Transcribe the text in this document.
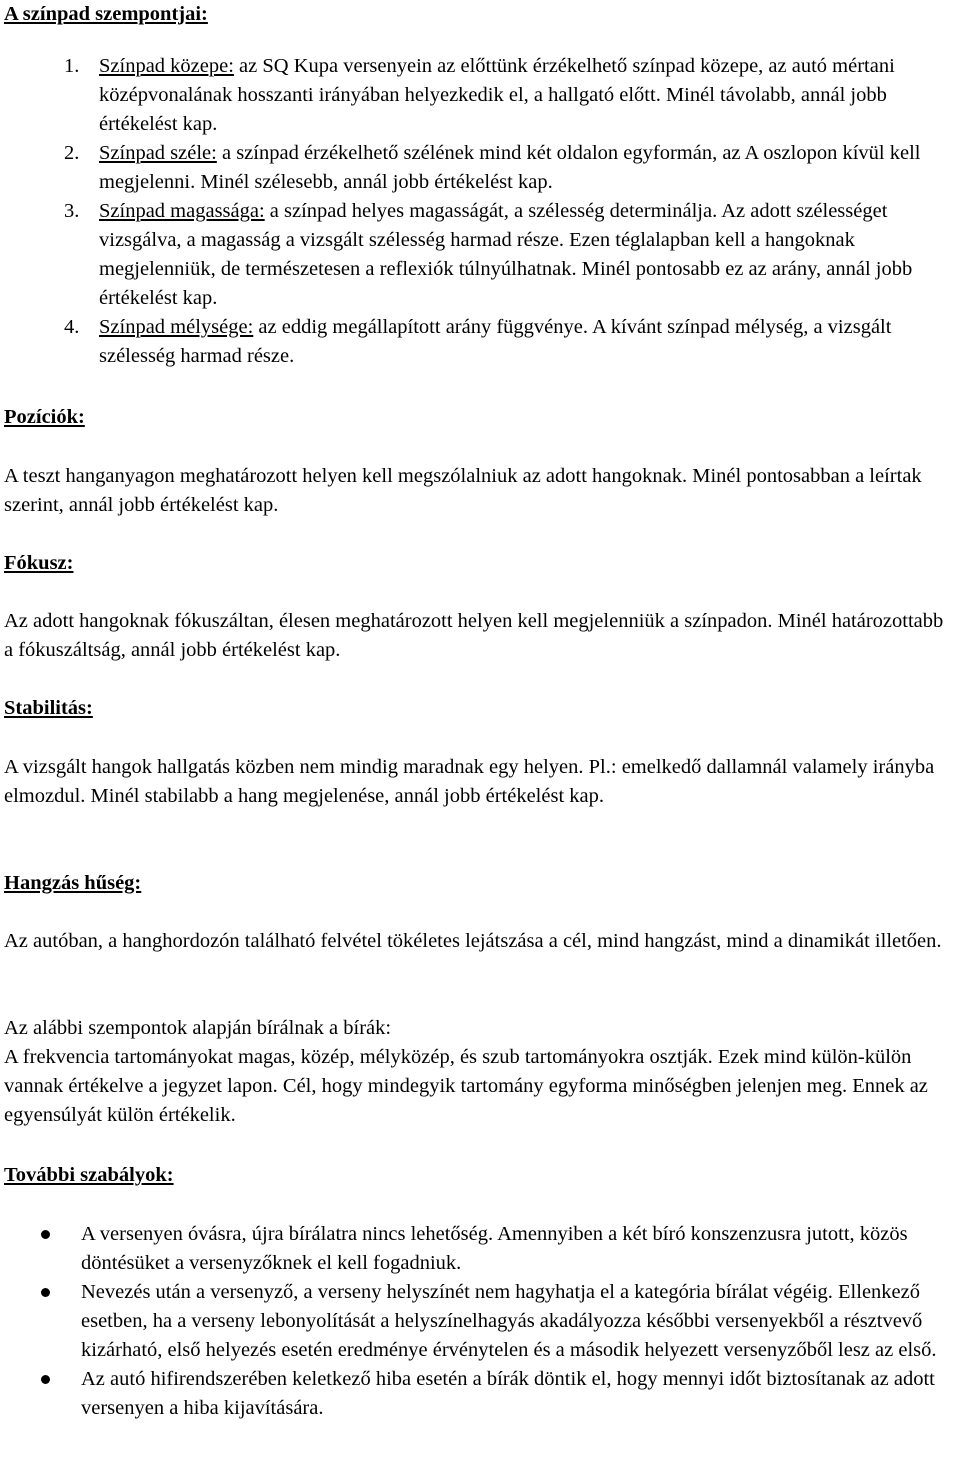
A színpad szempontjai:
1. Színpad közepe: az SQ Kupa versenyein az előttünk érzékelhető színpad közepe, az autó mértani középvonalának hosszanti irányában helyezkedik el, a hallgató előtt. Minél távolabb, annál jobb értékelést kap.
2. Színpad széle: a színpad érzékelhető szélének mind két oldalon egyformán, az A oszlopon kívül kell megjelenni. Minél szélesebb, annál jobb értékelést kap.
3. Színpad magassága: a színpad helyes magasságát, a szélesség determinálja. Az adott szélességet vizsgálva, a magasság a vizsgált szélesség harmad része. Ezen téglalapban kell a hangoknak megjelenniük, de természetesen a reflexiók túlnyúlhatnak. Minél pontosabb ez az arány, annál jobb értékelést kap.
4. Színpad mélysége: az eddig megállapított arány függvénye. A kívánt színpad mélység, a vizsgált szélesség harmad része.
Pozíciók:

A teszt hanganyagon meghatározott helyen kell megszólalniuk az adott hangoknak. Minél pontosabban a leírtak szerint, annál jobb értékelést kap.

Fókusz:

Az adott hangoknak fókuszáltan, élesen meghatározott helyen kell megjelenniük a színpadon. Minél határozottabb a fókuszáltság, annál jobb értékelést kap.

Stabilitás:

A vizsgált hangok hallgatás közben nem mindig maradnak egy helyen. Pl.: emelkedő dallamnál valamely irányba elmozdul. Minél stabilabb a hang megjelenése, annál jobb értékelést kap.

Hangzás hűség:

Az autóban, a hanghordozón található felvétel tökéletes lejátszása a cél, mind hangzást, mind a dinamikát illetően.

Az alábbi szempontok alapján bírálnak a bírák:

A frekvencia tartományokat magas, közép, mélyközép, és szub tartományokra osztják. Ezek mind külön-külön vannak értékelve a jegyzet lapon. Cél, hogy mindegyik tartomány egyforma minőségben jelenjen meg. Ennek az egyensúlyát külön értékelik.

További szabályok:
A versenyen óvásra, újra bírálatra nincs lehetőség. Amennyiben a két bíró konszenzusra jutott, közös döntésüket a versenyzőknek el kell fogadniuk.
Nevezés után a versenyző, a verseny helyszínét nem hagyhatja el a kategória bírálat végéig. Ellenkező esetben, ha a verseny lebonyolítását a helyszínelhagyás akadályozza későbbi versenyekből a résztvevő kizárható, első helyezés esetén eredménye érvénytelen és a második helyezett versenyzőből lesz az első.
Az autó hifirendszerében keletkező hiba esetén a bírák döntik el, hogy mennyi időt biztosítanak az adott versenyen a hiba kijavítására.
